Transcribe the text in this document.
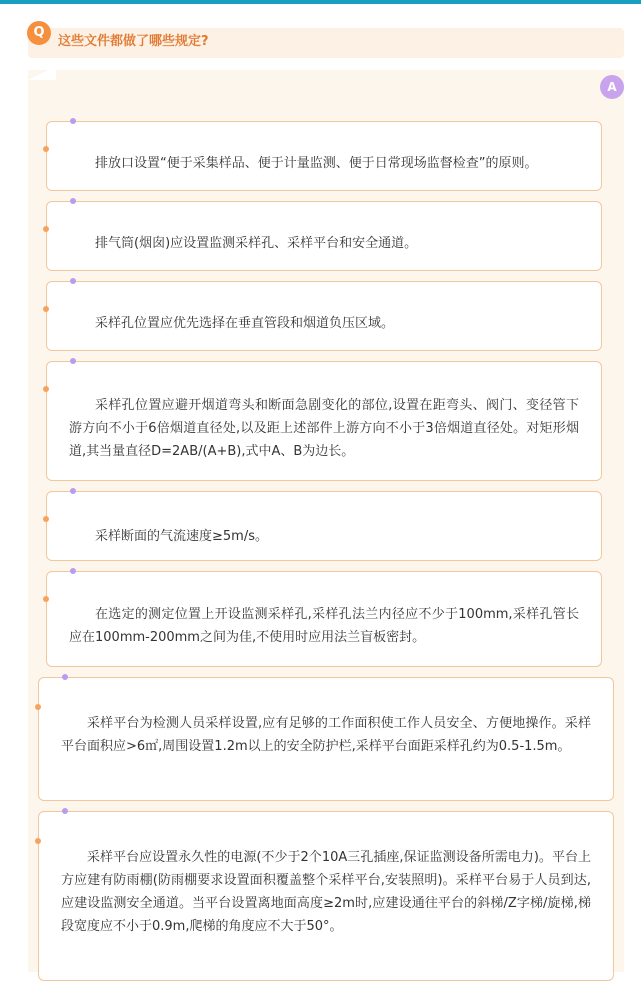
Q
这些文件都做了哪些规定?
A

排放口设置“便于采集样品、便于计量监测、便于日常现场监督检查”的原则。

排气筒(烟囱)应设置监测采样孔、采样平台和安全通道。

采样孔位置应优先选择在垂直管段和烟道负压区域。

采样孔位置应避开烟道弯头和断面急剧变化的部位,设置在距弯头、阀门、变径管下游方向不小于6倍烟道直径处,以及距上述部件上游方向不小于3倍烟道直径处。对矩形烟道,其当量直径D=2AB/(A+B),式中A、B为边长。

采样断面的气流速度≥5m/s。

在选定的测定位置上开设监测采样孔,采样孔法兰内径应不少于100mm,采样孔管长应在100mm-200mm之间为佳,不使用时应用法兰盲板密封。

采样平台为检测人员采样设置,应有足够的工作面积使工作人员安全、方便地操作。采样平台面积应>6㎡,周围设置1.2m以上的安全防护栏,采样平台面距采样孔约为0.5-1.5m。

采样平台应设置永久性的电源(不少于2个10A三孔插座,保证监测设备所需电力)。平台上方应建有防雨棚(防雨棚要求设置面积覆盖整个采样平台,安装照明)。采样平台易于人员到达,应建设监测安全通道。当平台设置离地面高度≥2m时,应建设通往平台的斜梯/Z字梯/旋梯,梯段宽度应不小于0.9m,爬梯的角度应不大于50°。
